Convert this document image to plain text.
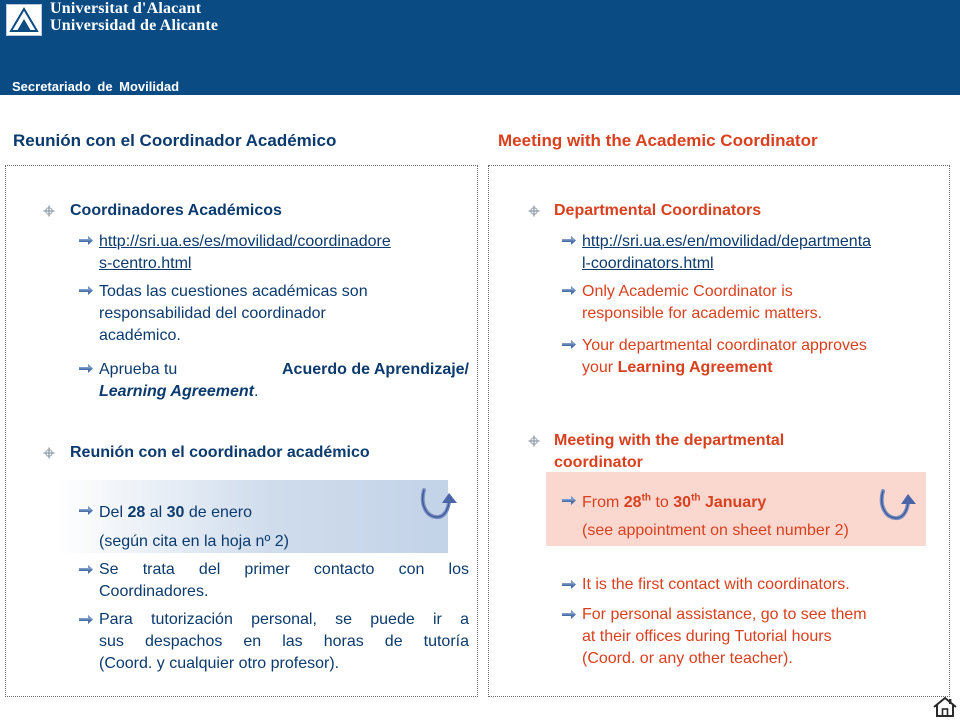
Universitat d'Alacant
Universidad de Alicante
Secretariado de Movilidad
Reunión con el Coordinador Académico	Meeting with the Academic Coordinator
Coordinadores Académicos
http://sri.ua.es/es/movilidad/coordinadore
s-centro.html
Todas las cuestiones académicas son
responsabilidad del coordinador
académico.
Aprueba tu	Acuerdo de Aprendizaje/
Learning Agreement.
Reunión con el coordinador académico
Del 28 al 30 de enero
(según cita en la hoja nº 2)
Se trata del primer contacto con los
Coordinadores.
Para tutorización personal, se puede ir a
sus despachos en las horas de tutoría
(Coord. y cualquier otro profesor).
Departmental Coordinators
http://sri.ua.es/en/movilidad/departmenta
l-coordinators.html
Only Academic Coordinator is
responsible for academic matters.
Your departmental coordinator approves
your Learning Agreement
Meeting with the departmental
coordinator
From 28th to 30th January
(see appointment on sheet number 2)
It is the first contact with coordinators.
For personal assistance, go to see them
at their offices during Tutorial hours
(Coord. or any other teacher).
